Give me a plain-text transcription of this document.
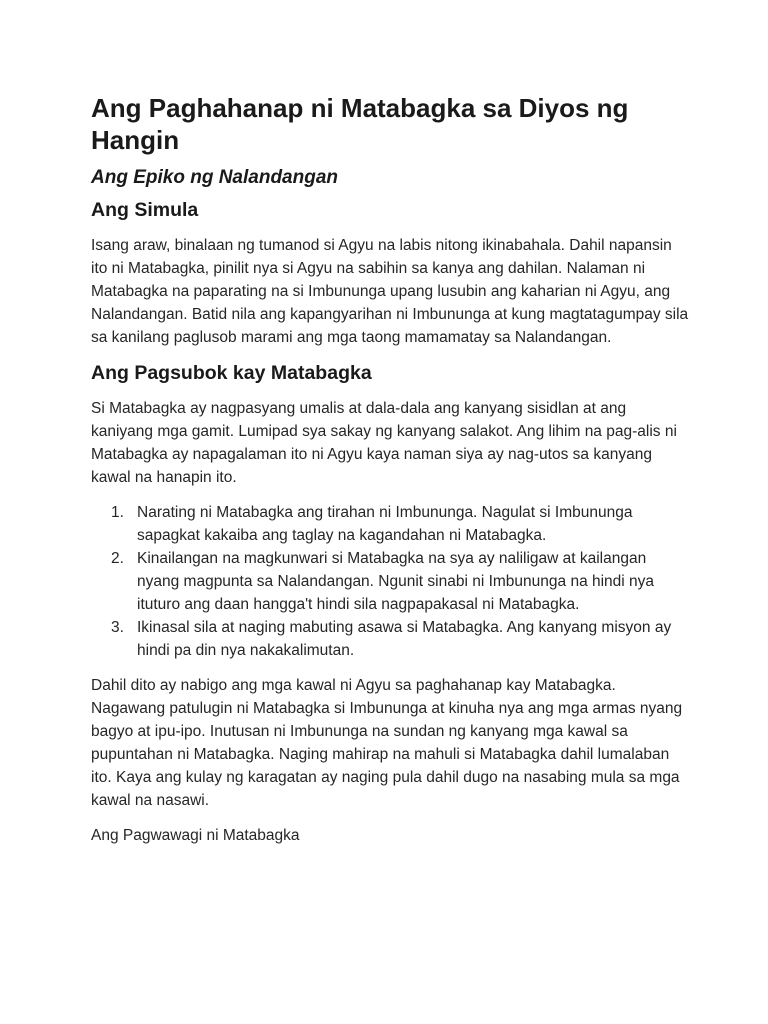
Ang Paghahanap ni Matabagka sa Diyos ng Hangin
Ang Epiko ng Nalandangan
Ang Simula

Isang araw, binalaan ng tumanod si Agyu na labis nitong ikinabahala. Dahil napansin ito ni Matabagka, pinilit nya si Agyu na sabihin sa kanya ang dahilan. Nalaman ni Matabagka na paparating na si Imbununga upang lusubin ang kaharian ni Agyu, ang Nalandangan. Batid nila ang kapangyarihan ni Imbununga at kung magtatagumpay sila sa kanilang paglusob marami ang mga taong mamamatay sa Nalandangan.

Ang Pagsubok kay Matabagka

Si Matabagka ay nagpasyang umalis at dala-dala ang kanyang sisidlan at ang kaniyang mga gamit. Lumipad sya sakay ng kanyang salakot. Ang lihim na pag-alis ni Matabagka ay napagalaman ito ni Agyu kaya naman siya ay nag-utos sa kanyang kawal na hanapin ito.

1. Narating ni Matabagka ang tirahan ni Imbununga. Nagulat si Imbununga sapagkat kakaiba ang taglay na kagandahan ni Matabagka.
2. Kinailangan na magkunwari si Matabagka na sya ay naliligaw at kailangan nyang magpunta sa Nalandangan. Ngunit sinabi ni Imbununga na hindi nya ituturo ang daan hangga't hindi sila nagpapakasal ni Matabagka.
3. Ikinasal sila at naging mabuting asawa si Matabagka. Ang kanyang misyon ay hindi pa din nya nakakalimutan.

Dahil dito ay nabigo ang mga kawal ni Agyu sa paghahanap kay Matabagka. Nagawang patulugin ni Matabagka si Imbununga at kinuha nya ang mga armas nyang bagyo at ipu-ipo. Inutusan ni Imbununga na sundan ng kanyang mga kawal sa pupuntahan ni Matabagka. Naging mahirap na mahuli si Matabagka dahil lumalaban ito. Kaya ang kulay ng karagatan ay naging pula dahil dugo na nasabing mula sa mga kawal na nasawi.

Ang Pagwawagi ni Matabagka
